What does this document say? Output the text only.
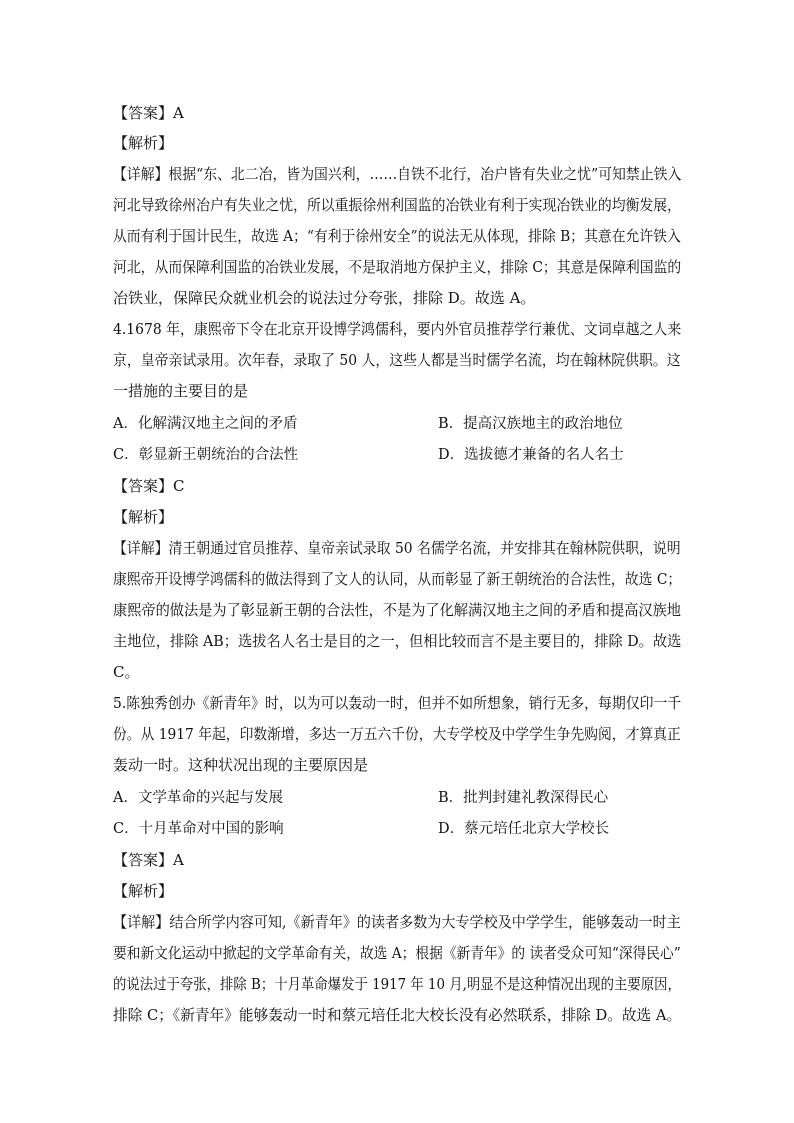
【答案】A
【解析】
【详解】根据“东、北二冶，皆为国兴利，……自铁不北行，冶户皆有失业之忧”可知禁止铁入
河北导致徐州冶户有失业之忧，所以重振徐州利国监的冶铁业有利于实现冶铁业的均衡发展，
从而有利于国计民生，故选 A；“有利于徐州安全”的说法无从体现，排除 B；其意在允许铁入
河北，从而保障利国监的冶铁业发展，不是取消地方保护主义，排除 C；其意是保障利国监的
冶铁业，保障民众就业机会的说法过分夸张，排除 D。故选 A。
4.1678 年，康熙帝下令在北京开设博学鸿儒科，要内外官员推荐学行兼优、文词卓越之人来
京，皇帝亲试录用。次年春，录取了 50 人，这些人都是当时儒学名流，均在翰林院供职。这
一措施的主要目的是
A．化解满汉地主之间的矛盾	B．提高汉族地主的政治地位
C．彰显新王朝统治的合法性	D．选拔德才兼备的名人名士
【答案】C
【解析】
【详解】清王朝通过官员推荐、皇帝亲试录取 50 名儒学名流，并安排其在翰林院供职，说明
康熙帝开设博学鸿儒科的做法得到了文人的认同，从而彰显了新王朝统治的合法性，故选 C；
康熙帝的做法是为了彰显新王朝的合法性，不是为了化解满汉地主之间的矛盾和提高汉族地
主地位，排除 AB；选拔名人名士是目的之一，但相比较而言不是主要目的，排除 D。故选
C。
5.陈独秀创办《新青年》时，以为可以轰动一时，但并不如所想象，销行无多，每期仅印一千
份。从 1917 年起，印数渐增，多达一万五六千份，大专学校及中学学生争先购阅，才算真正
轰动一时。这种状况出现的主要原因是
A．文学革命的兴起与发展	B．批判封建礼教深得民心
C．十月革命对中国的影响	D．蔡元培任北京大学校长
【答案】A
【解析】
【详解】结合所学内容可知,《新青年》的读者多数为大专学校及中学学生，能够轰动一时主
要和新文化运动中掀起的文学革命有关，故选 A；根据《新青年》的 读者受众可知“深得民心”
的说法过于夸张，排除 B；十月革命爆发于 1917 年 10 月,明显不是这种情况出现的主要原因，
排除 C；《新青年》能够轰动一时和蔡元培任北大校长没有必然联系，排除 D。故选 A。
